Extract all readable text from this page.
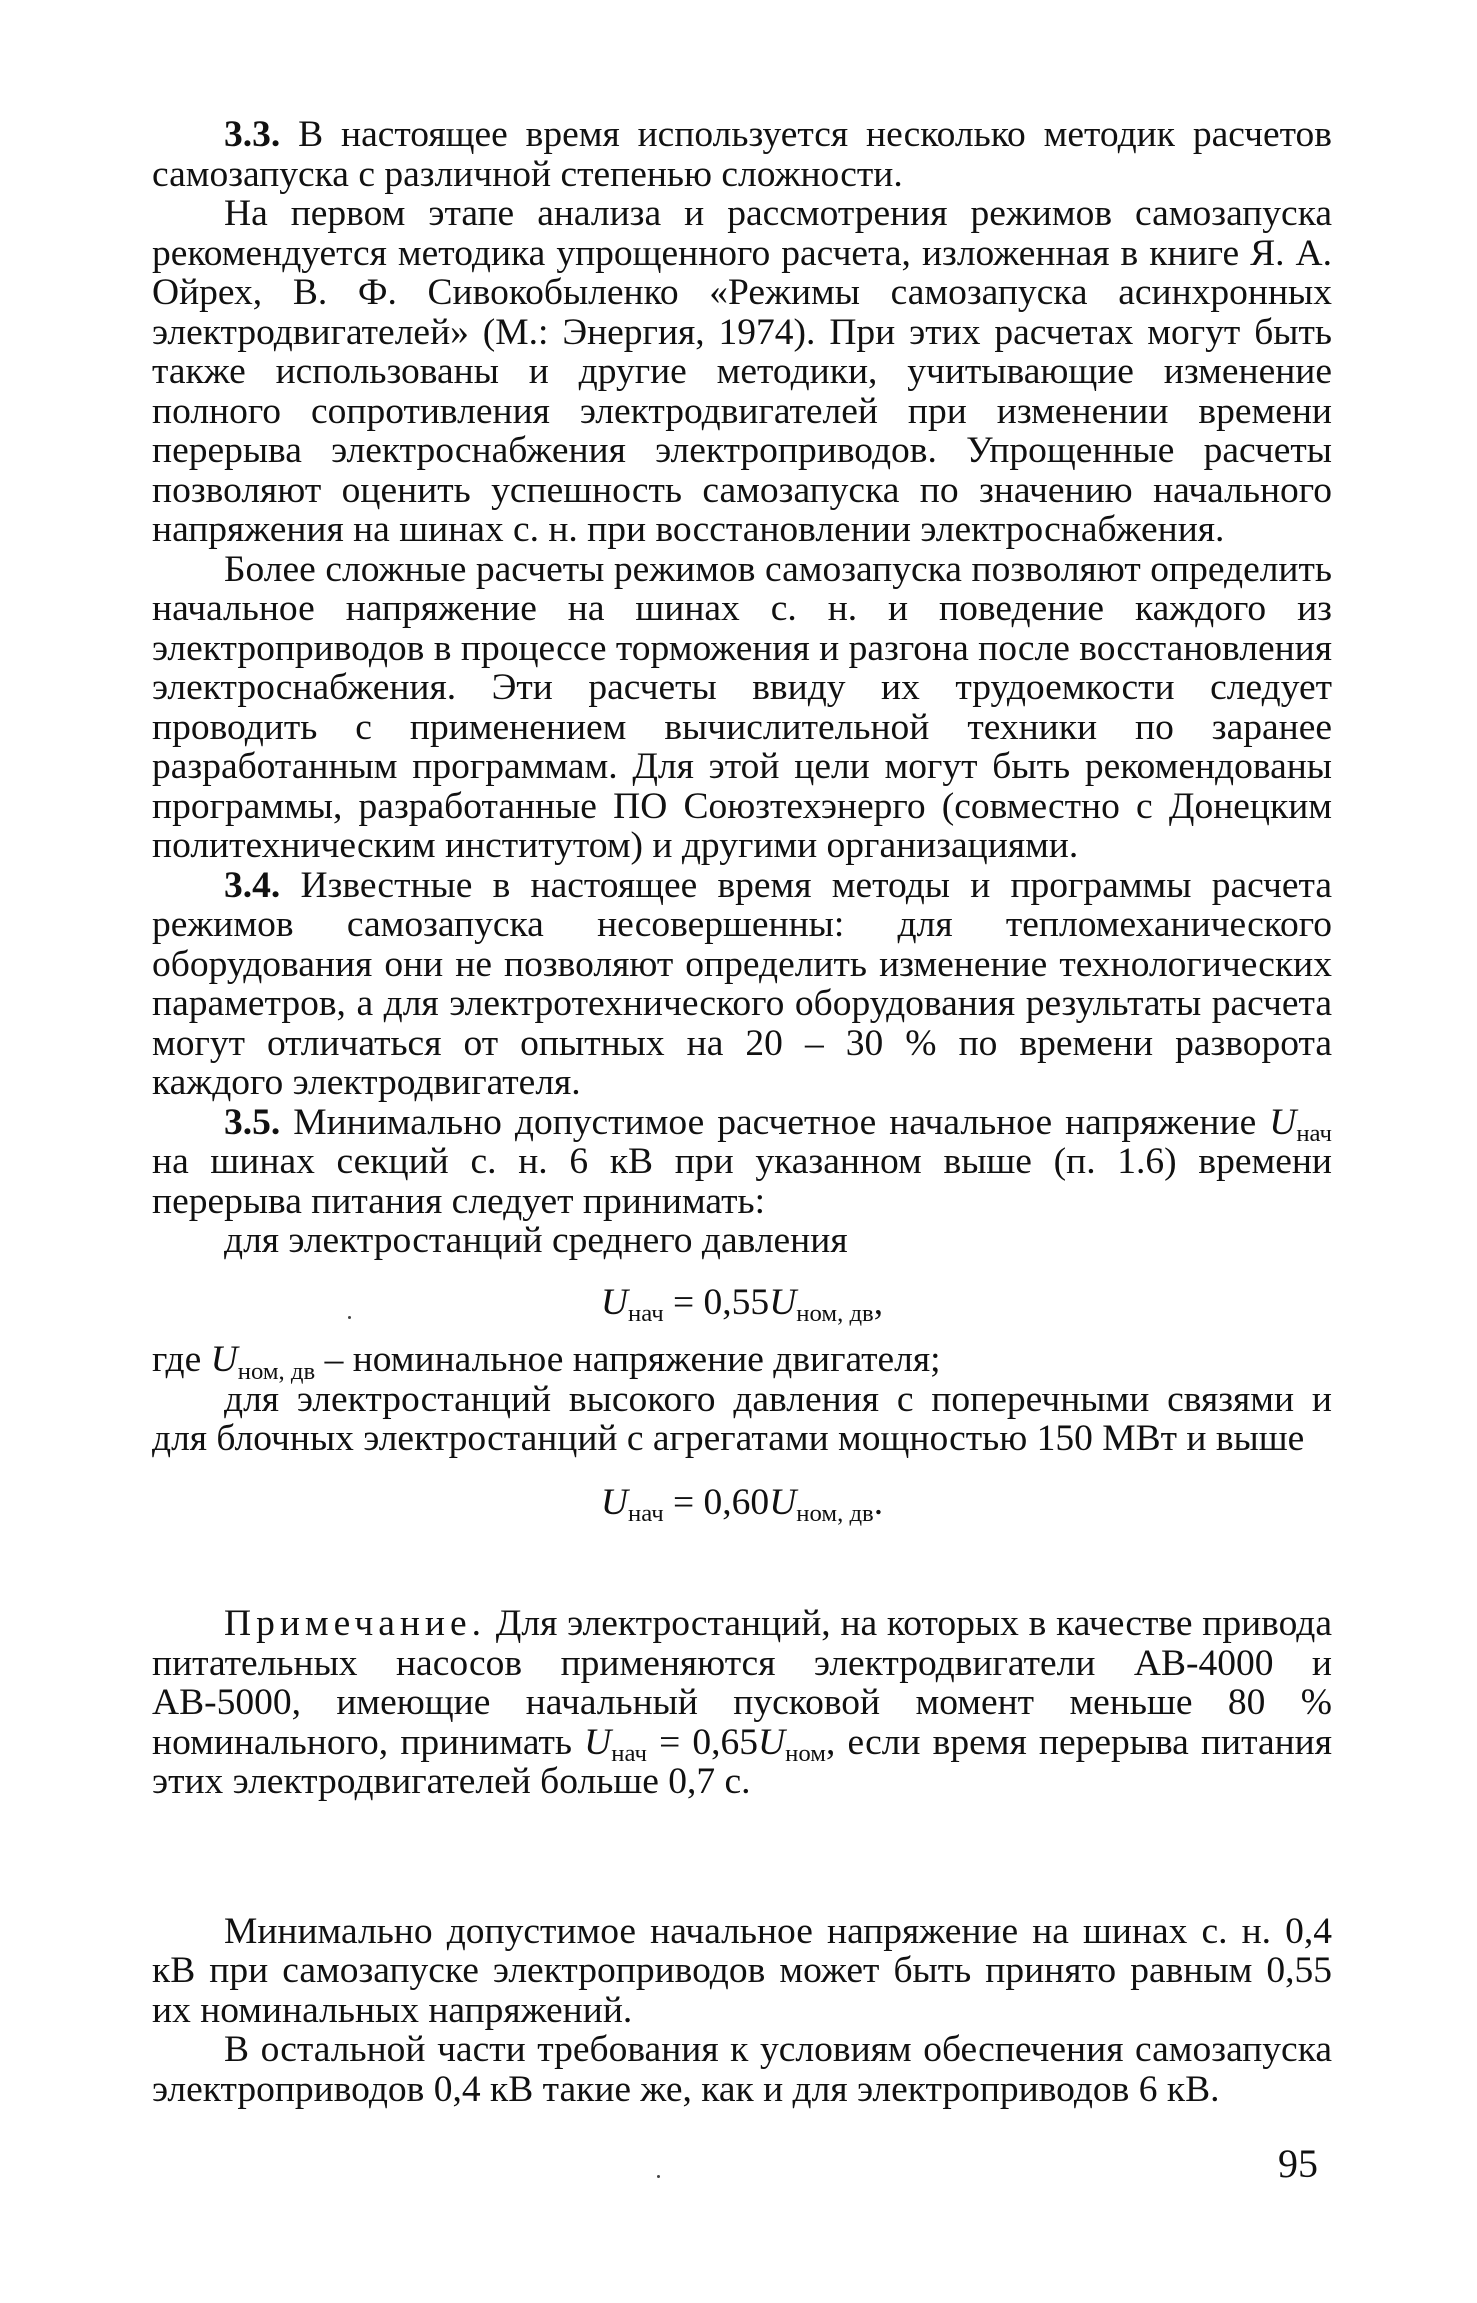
3.3. В настоящее время используется несколько методик расчетов самозапуска с различной степенью сложности.

На первом этапе анализа и рассмотрения режимов самозапуска рекомендуется методика упрощенного расчета, изложенная в книге Я. А. Ойрех, В. Ф. Сивокобыленко «Режимы самозапуска асинхронных электродвигателей» (М.: Энергия, 1974). При этих расчетах могут быть также использованы и другие методики, учитывающие изменение полного сопротивления электродвигателей при изменении времени перерыва электроснабжения электроприводов. Упрощенные расчеты позволяют оценить успешность самозапуска по значению начального напряжения на шинах с. н. при восстановлении электроснабжения.

Более сложные расчеты режимов самозапуска позволяют определить начальное напряжение на шинах с. н. и поведение каждого из электроприводов в процессе торможения и разгона после восстановления электроснабжения. Эти расчеты ввиду их трудоемкости следует проводить с применением вычислительной техники по заранее разработанным программам. Для этой цели могут быть рекомендованы программы, разработанные ПО Союзтехэнерго (совместно с Донецким политехническим институтом) и другими организациями.

3.4. Известные в настоящее время методы и программы расчета режимов самозапуска несовершенны: для тепломеханического оборудования они не позволяют определить изменение технологических параметров, а для электротехнического оборудования результаты расчета могут отличаться от опытных на 20 – 30 % по времени разворота каждого электродвигателя.

3.5. Минимально допустимое расчетное начальное напряжение $U_{нач}$ на шинах секций с. н. 6 кВ при указанном выше (п. 1.6) времени перерыва питания следует принимать:

для электростанций среднего давления

$U_{нач} = 0,55U_{ном, дв}$,

где $U_{ном, дв}$ – номинальное напряжение двигателя;

для электростанций высокого давления с поперечными связями и для блочных электростанций с агрегатами мощностью 150 МВт и выше

$U_{нач} = 0,60U_{ном, дв}$.

Примечание. Для электростанций, на которых в качестве привода питательных насосов применяются электродвигатели АВ-4000 и АВ-5000, имеющие начальный пусковой момент меньше 80 % номинального, принимать $U_{нач} = 0,65U_{ном}$, если время перерыва питания этих электродвигателей больше 0,7 с.

Минимально допустимое начальное напряжение на шинах с. н. 0,4 кВ при самозапуске электроприводов может быть принято равным 0,55 их номинальных напряжений.

В остальной части требования к условиям обеспечения самозапуска электроприводов 0,4 кВ такие же, как и для электроприводов 6 кВ.

95
